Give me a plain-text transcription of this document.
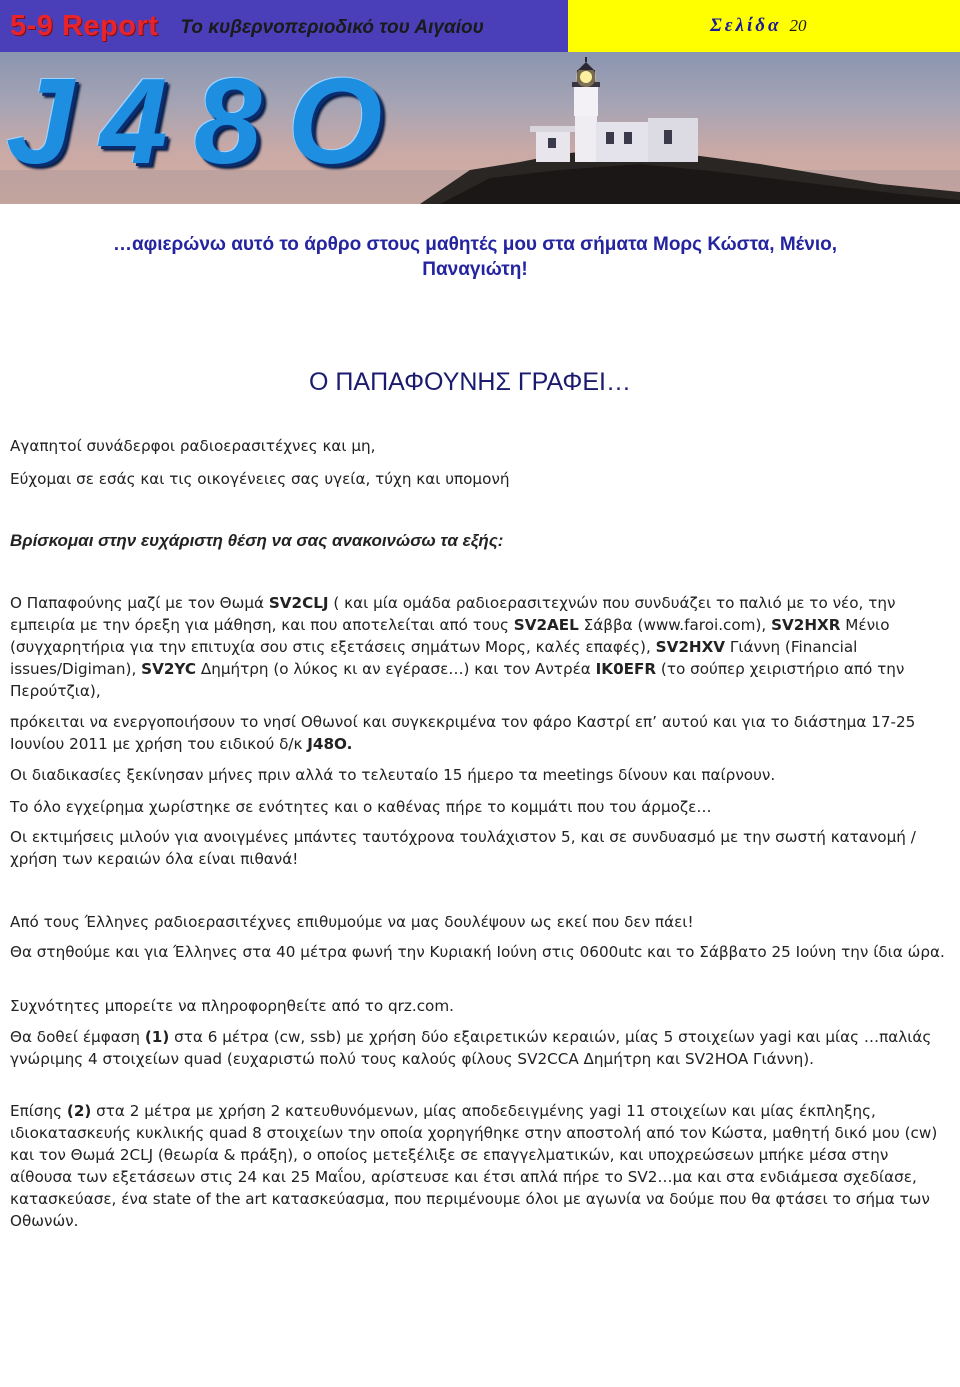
5-9 Report Το κυβερνοπεριοδικό του Αιγαίου	Σελίδα 20
J48O
…αφιερώνω αυτό το άρθρο στους μαθητές μου στα σήματα Μορς Κώστα, Μένιο,
Παναγιώτη!
Ο ΠΑΠΑΦΟΥΝΗΣ ΓΡΑΦΕΙ…

Αγαπητοί συνάδερφοι ραδιοερασιτέχνες και μη,

Εύχομαι σε εσάς και τις οικογένειες σας υγεία, τύχη και υπομονή

Βρίσκομαι στην ευχάριστη θέση να σας ανακοινώσω τα εξής:

Ο Παπαφούνης μαζί με τον Θωμά SV2CLJ ( και μία ομάδα ραδιοερασιτεχνών που συνδυάζει το παλιό με το νέο, την εμπειρία με την όρεξη για μάθηση, και που αποτελείται από τους SV2AEL Σάββα (www.faroi.com), SV2HXR Μένιο (συγχαρητήρια για την επιτυχία σου στις εξετάσεις σημάτων Μορς, καλές επαφές), SV2HXV Γιάννη (Financial issues/Digiman), SV2YC Δημήτρη (ο λύκος κι αν εγέρασε…) και τον Αντρέα IK0EFR (το σούπερ χειριστήριο από την Περούτζια),

πρόκειται να ενεργοποιήσουν το νησί Οθωνοί και συγκεκριμένα τον φάρο Καστρί επ’ αυτού και για το διάστημα 17-25 Ιουνίου 2011 με χρήση του ειδικού δ/κ J48O.

Οι διαδικασίες ξεκίνησαν μήνες πριν αλλά το τελευταίο 15 ήμερο τα meetings δίνουν και παίρνουν.

Το όλο εγχείρημα χωρίστηκε σε ενότητες και ο καθένας πήρε το κομμάτι που του άρμοζε…

Οι εκτιμήσεις μιλούν για ανοιγμένες μπάντες ταυτόχρονα τουλάχιστον 5, και σε συνδυασμό με την σωστή κατανομή / χρήση των κεραιών όλα είναι πιθανά!

Από τους Έλληνες ραδιοερασιτέχνες επιθυμούμε να μας δουλέψουν ως εκεί που δεν πάει!

Θα στηθούμε και για Έλληνες στα 40 μέτρα φωνή την Κυριακή Ιούνη στις 0600utc και το Σάββατο 25 Ιούνη την ίδια ώρα.

Συχνότητες μπορείτε να πληροφορηθείτε από το qrz.com.

Θα δοθεί έμφαση (1) στα 6 μέτρα (cw, ssb) με χρήση δύο εξαιρετικών κεραιών, μίας 5 στοιχείων yagi και μίας …παλιάς γνώριμης 4 στοιχείων quad (ευχαριστώ πολύ τους καλούς φίλους SV2CCA Δημήτρη και SV2HOA Γιάννη).

Επίσης (2) στα 2 μέτρα με χρήση 2 κατευθυνόμενων, μίας αποδεδειγμένης yagi 11 στοιχείων και μίας έκπληξης, ιδιοκατασκευής κυκλικής quad 8 στοιχείων την οποία χορηγήθηκε στην αποστολή από τον Κώστα, μαθητή δικό μου (cw) και τον Θωμά 2CLJ (θεωρία & πράξη), ο οποίος μετεξέλιξε σε επαγγελματικών, και υποχρεώσεων μπήκε μέσα στην αίθουσα των εξετάσεων στις 24 και 25 Μαΐου, αρίστευσε και έτσι απλά πήρε το SV2…μα και στα ενδιάμεσα σχεδίασε, κατασκεύασε, ένα state of the art κατασκεύασμα, που περιμένουμε όλοι με αγωνία να δούμε που θα φτάσει το σήμα των Οθωνών.
